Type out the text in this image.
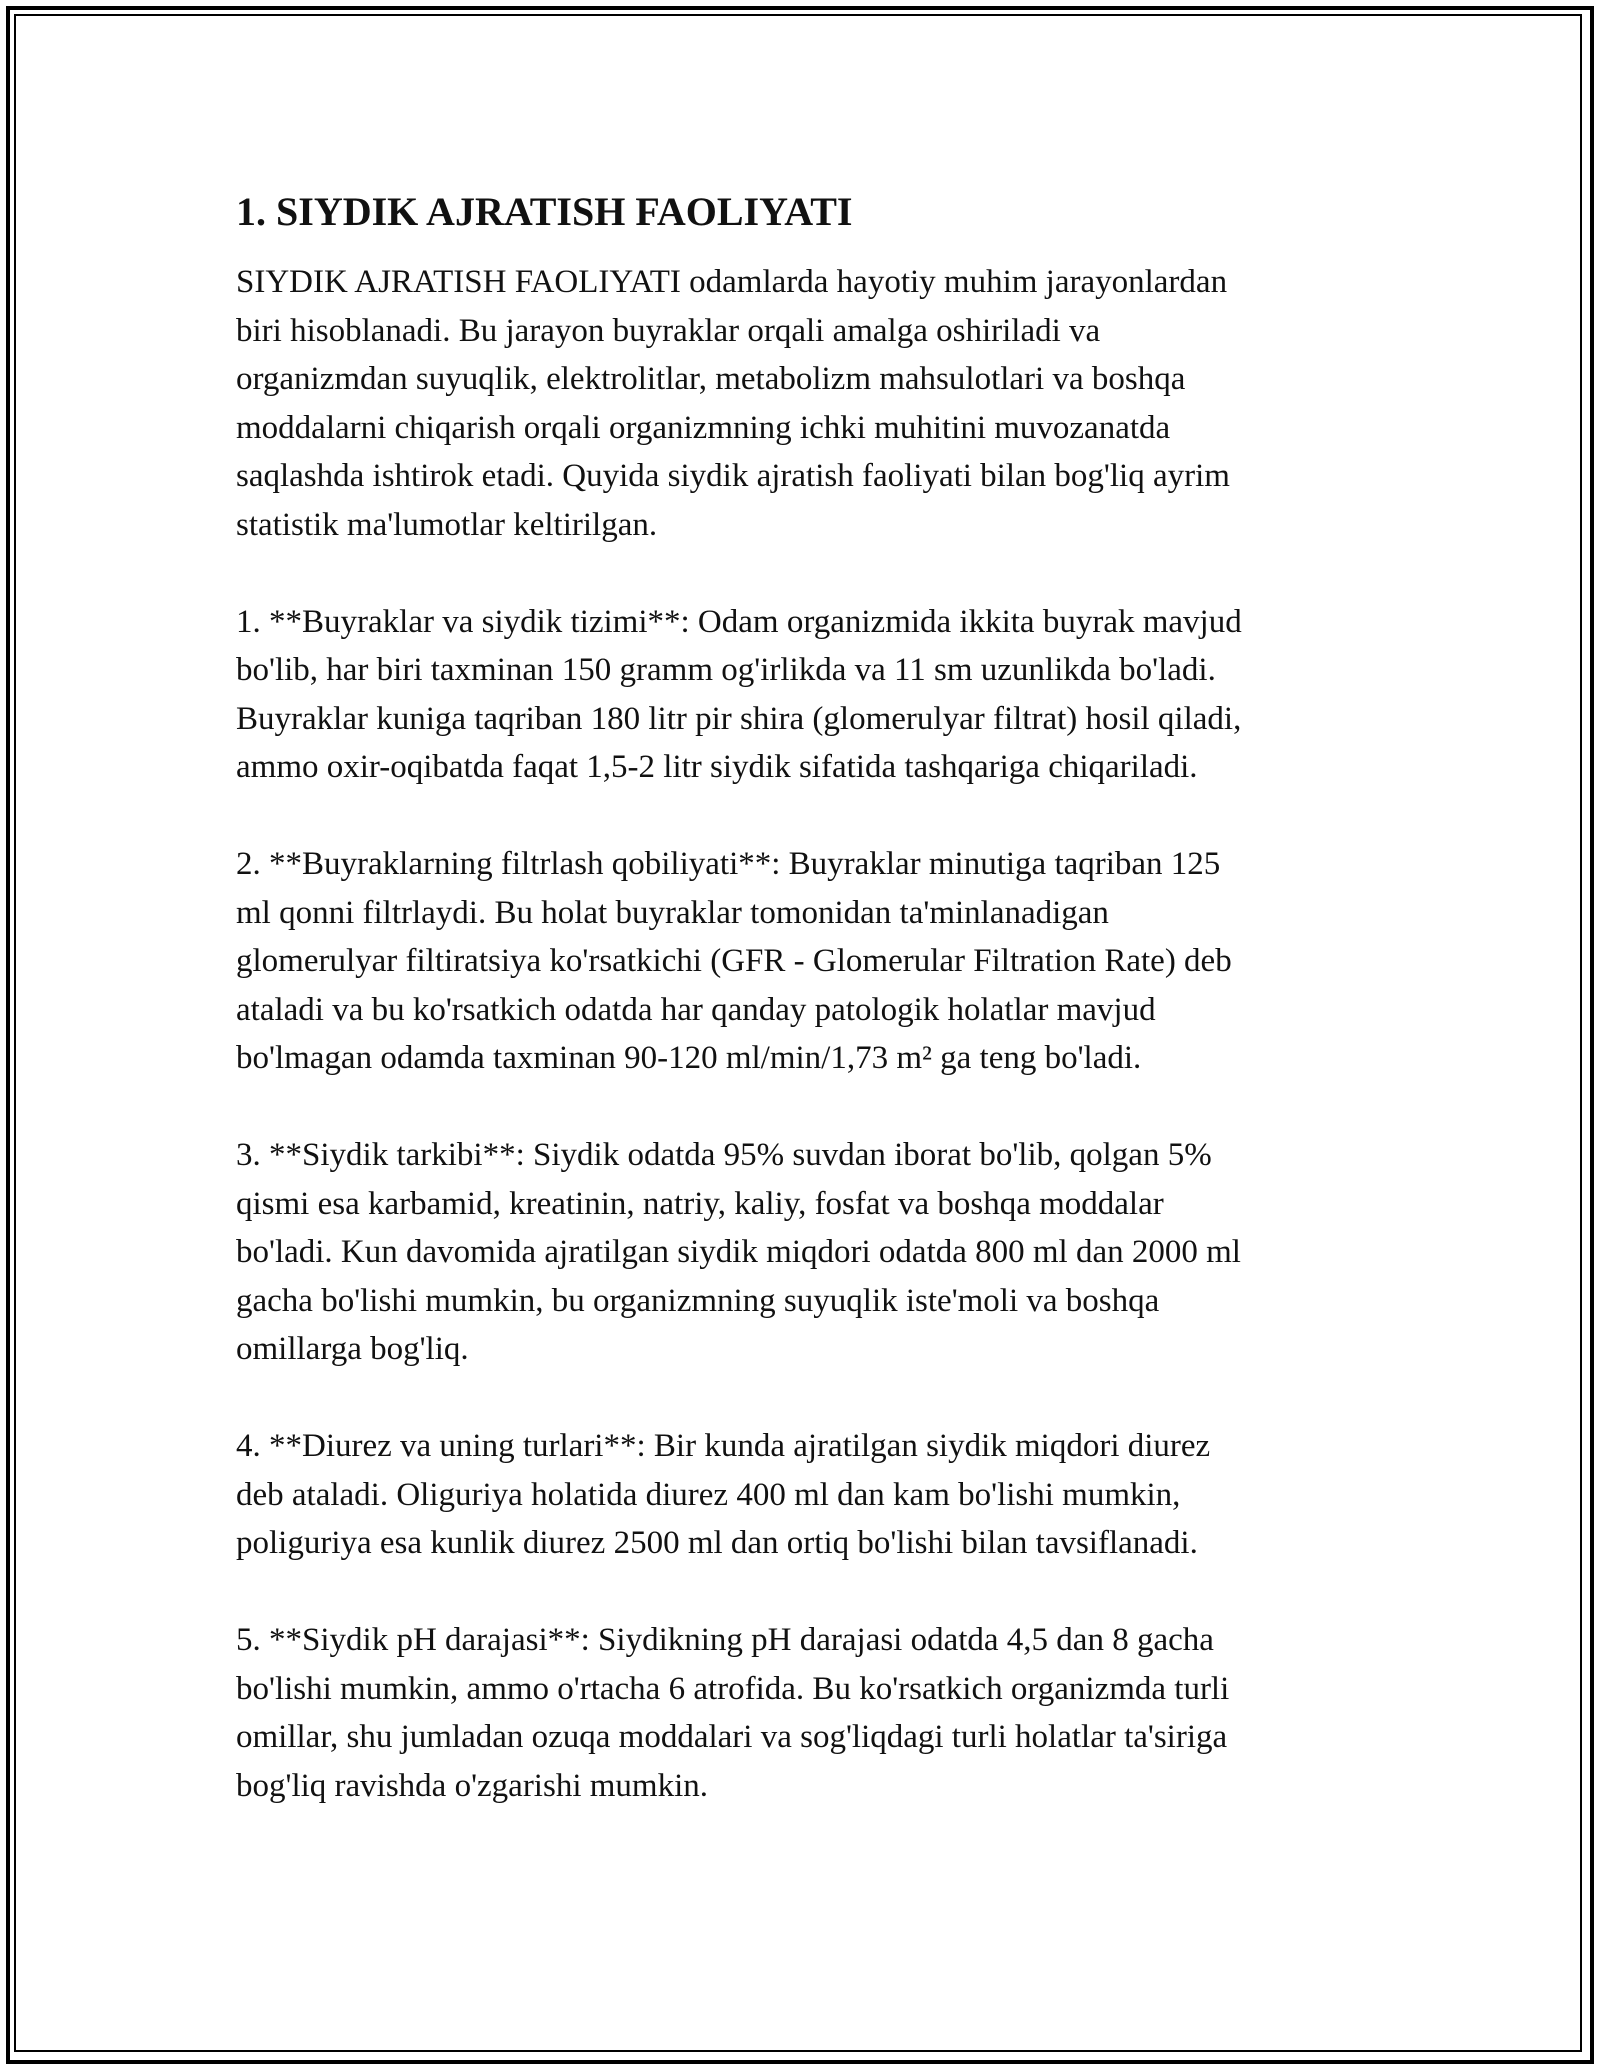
1. SIYDIK AJRATISH FAOLIYATI

SIYDIK AJRATISH FAOLIYATI odamlarda hayotiy muhim jarayonlardan
biri hisoblanadi. Bu jarayon buyraklar orqali amalga oshiriladi va
organizmdan suyuqlik, elektrolitlar, metabolizm mahsulotlari va boshqa
moddalarni chiqarish orqali organizmning ichki muhitini muvozanatda
saqlashda ishtirok etadi. Quyida siydik ajratish faoliyati bilan bog'liq ayrim
statistik ma'lumotlar keltirilgan.

1. **Buyraklar va siydik tizimi**: Odam organizmida ikkita buyrak mavjud
bo'lib, har biri taxminan 150 gramm og'irlikda va 11 sm uzunlikda bo'ladi.
Buyraklar kuniga taqriban 180 litr pir shira (glomerulyar filtrat) hosil qiladi,
ammo oxir-oqibatda faqat 1,5-2 litr siydik sifatida tashqariga chiqariladi.

2. **Buyraklarning filtrlash qobiliyati**: Buyraklar minutiga taqriban 125
ml qonni filtrlaydi. Bu holat buyraklar tomonidan ta'minlanadigan
glomerulyar filtiratsiya ko'rsatkichi (GFR - Glomerular Filtration Rate) deb
ataladi va bu ko'rsatkich odatda har qanday patologik holatlar mavjud
bo'lmagan odamda taxminan 90-120 ml/min/1,73 m² ga teng bo'ladi.

3. **Siydik tarkibi**: Siydik odatda 95% suvdan iborat bo'lib, qolgan 5%
qismi esa karbamid, kreatinin, natriy, kaliy, fosfat va boshqa moddalar
bo'ladi. Kun davomida ajratilgan siydik miqdori odatda 800 ml dan 2000 ml
gacha bo'lishi mumkin, bu organizmning suyuqlik iste'moli va boshqa
omillarga bog'liq.

4. **Diurez va uning turlari**: Bir kunda ajratilgan siydik miqdori diurez
deb ataladi. Oliguriya holatida diurez 400 ml dan kam bo'lishi mumkin,
poliguriya esa kunlik diurez 2500 ml dan ortiq bo'lishi bilan tavsiflanadi.

5. **Siydik pH darajasi**: Siydikning pH darajasi odatda 4,5 dan 8 gacha
bo'lishi mumkin, ammo o'rtacha 6 atrofida. Bu ko'rsatkich organizmda turli
omillar, shu jumladan ozuqa moddalari va sog'liqdagi turli holatlar ta'siriga
bog'liq ravishda o'zgarishi mumkin.
